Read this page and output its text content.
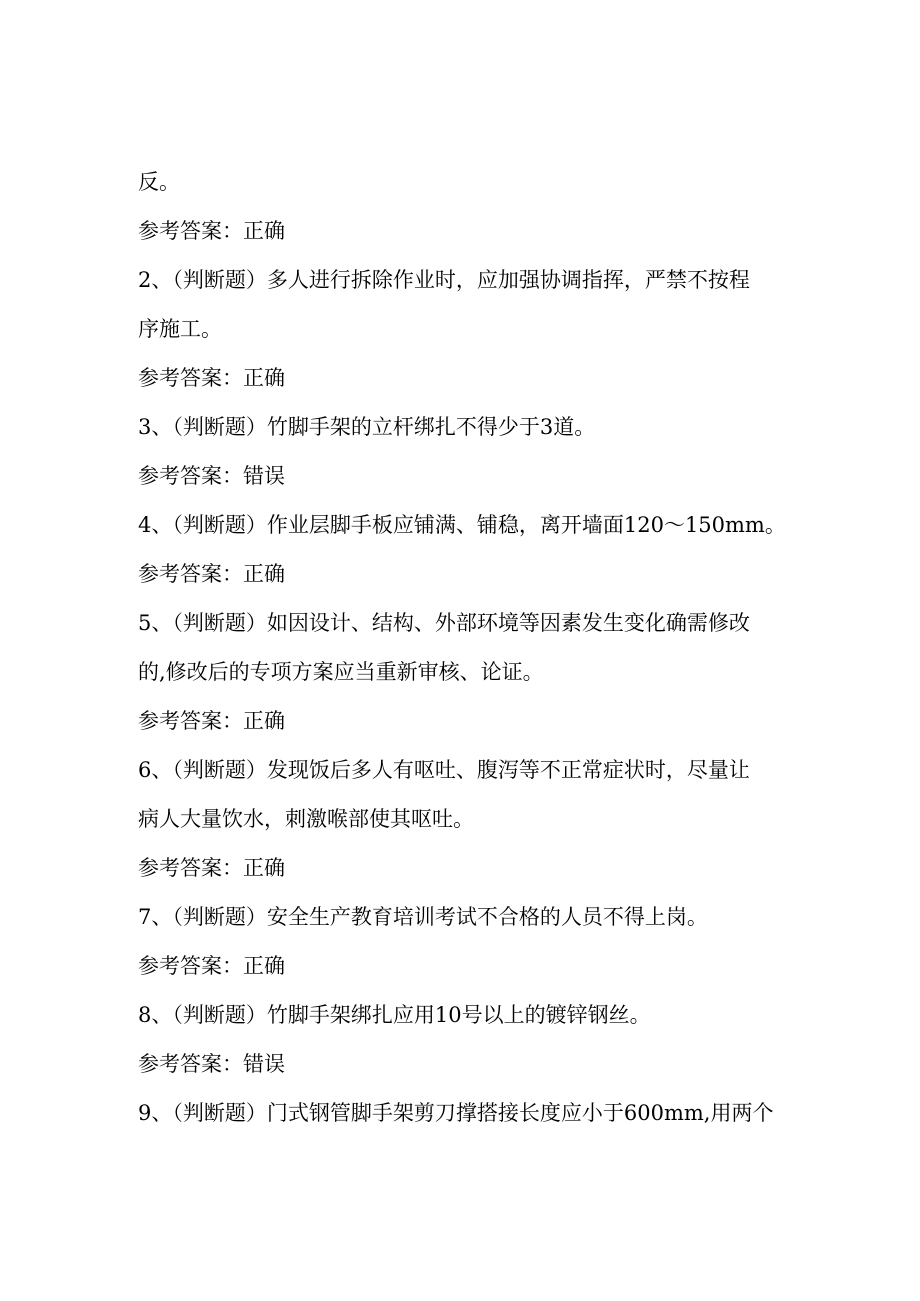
反。
参考答案：正确
2、（判断题）多人进行拆除作业时，应加强协调指挥，严禁不按程
序施工。
参考答案：正确
3、（判断题）竹脚手架的立杆绑扎不得少于3道。
参考答案：错误
4、（判断题）作业层脚手板应铺满、铺稳，离开墙面120～150mm。
参考答案：正确
5、（判断题）如因设计、结构、外部环境等因素发生变化确需修改
的,修改后的专项方案应当重新审核、论证。
参考答案：正确
6、（判断题）发现饭后多人有呕吐、腹泻等不正常症状时，尽量让
病人大量饮水，刺激喉部使其呕吐。
参考答案：正确
7、（判断题）安全生产教育培训考试不合格的人员不得上岗。
参考答案：正确
8、（判断题）竹脚手架绑扎应用10号以上的镀锌钢丝。
参考答案：错误
9、（判断题）门式钢管脚手架剪刀撑搭接长度应小于600mm,用两个
